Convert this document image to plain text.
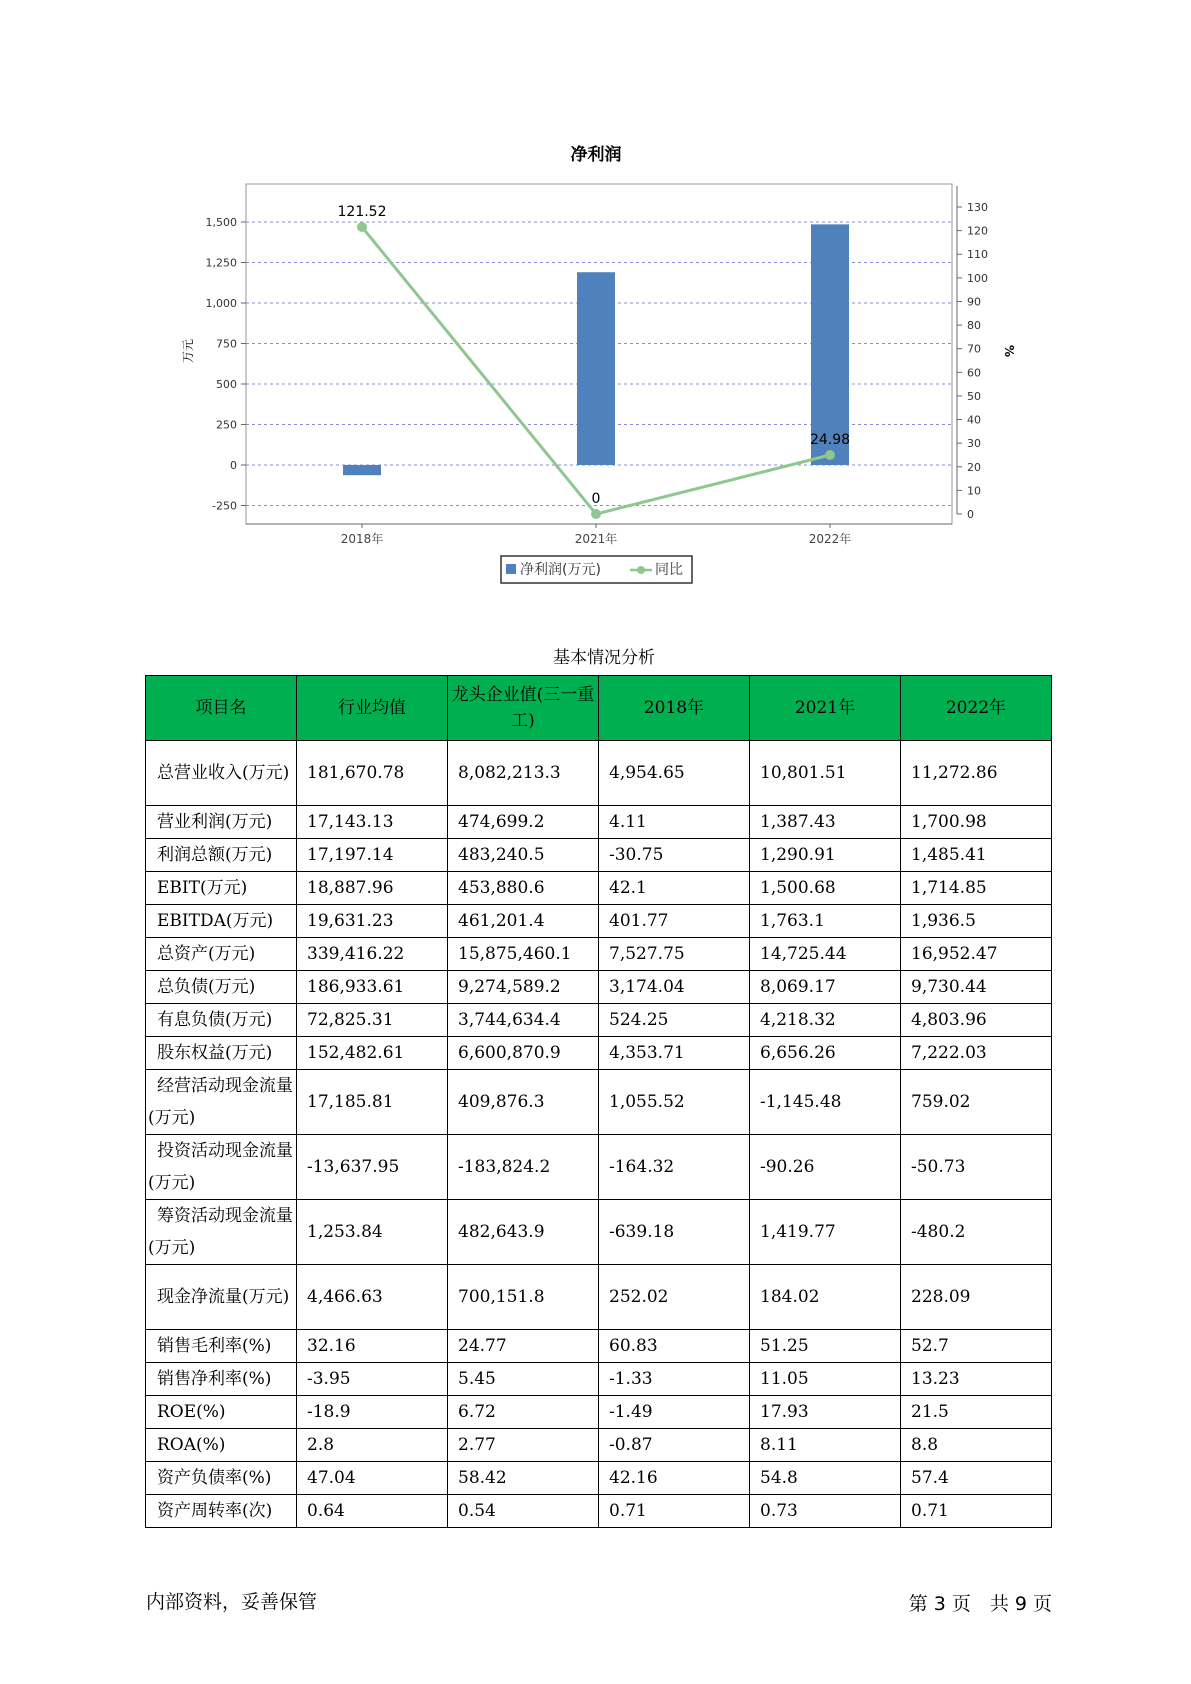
净利润
-250
0
250
500
750
1,000
1,250
1,500
0
10
20
30
40
50
60
70
80
90
100
110
120
130
万元	%
121.52
0
24.98
2018年	2021年	2022年
净利润(万元)	同比
基本情况分析
项目名	行业均值	龙头企业值(三一重工)	2018年	2021年	2022年
总营业收入(万元)	181,670.78	8,082,213.3	4,954.65	10,801.51	11,272.86
营业利润(万元)	17,143.13	474,699.2	4.11	1,387.43	1,700.98
利润总额(万元)	17,197.14	483,240.5	-30.75	1,290.91	1,485.41
EBIT(万元)	18,887.96	453,880.6	42.1	1,500.68	1,714.85
EBITDA(万元)	19,631.23	461,201.4	401.77	1,763.1	1,936.5
总资产(万元)	339,416.22	15,875,460.1	7,527.75	14,725.44	16,952.47
总负债(万元)	186,933.61	9,274,589.2	3,174.04	8,069.17	9,730.44
有息负债(万元)	72,825.31	3,744,634.4	524.25	4,218.32	4,803.96
股东权益(万元)	152,482.61	6,600,870.9	4,353.71	6,656.26	7,222.03
经营活动现金流量(万元)	17,185.81	409,876.3	1,055.52	-1,145.48	759.02
投资活动现金流量(万元)	-13,637.95	-183,824.2	-164.32	-90.26	-50.73
筹资活动现金流量(万元)	1,253.84	482,643.9	-639.18	1,419.77	-480.2
现金净流量(万元)	4,466.63	700,151.8	252.02	184.02	228.09
销售毛利率(%)	32.16	24.77	60.83	51.25	52.7
销售净利率(%)	-3.95	5.45	-1.33	11.05	13.23
ROE(%)	-18.9	6.72	-1.49	17.93	21.5
ROA(%)	2.8	2.77	-0.87	8.11	8.8
资产负债率(%)	47.04	58.42	42.16	54.8	57.4
资产周转率(次)	0.64	0.54	0.71	0.73	0.71
内部资料，妥善保管	第 3 页　共 9 页
